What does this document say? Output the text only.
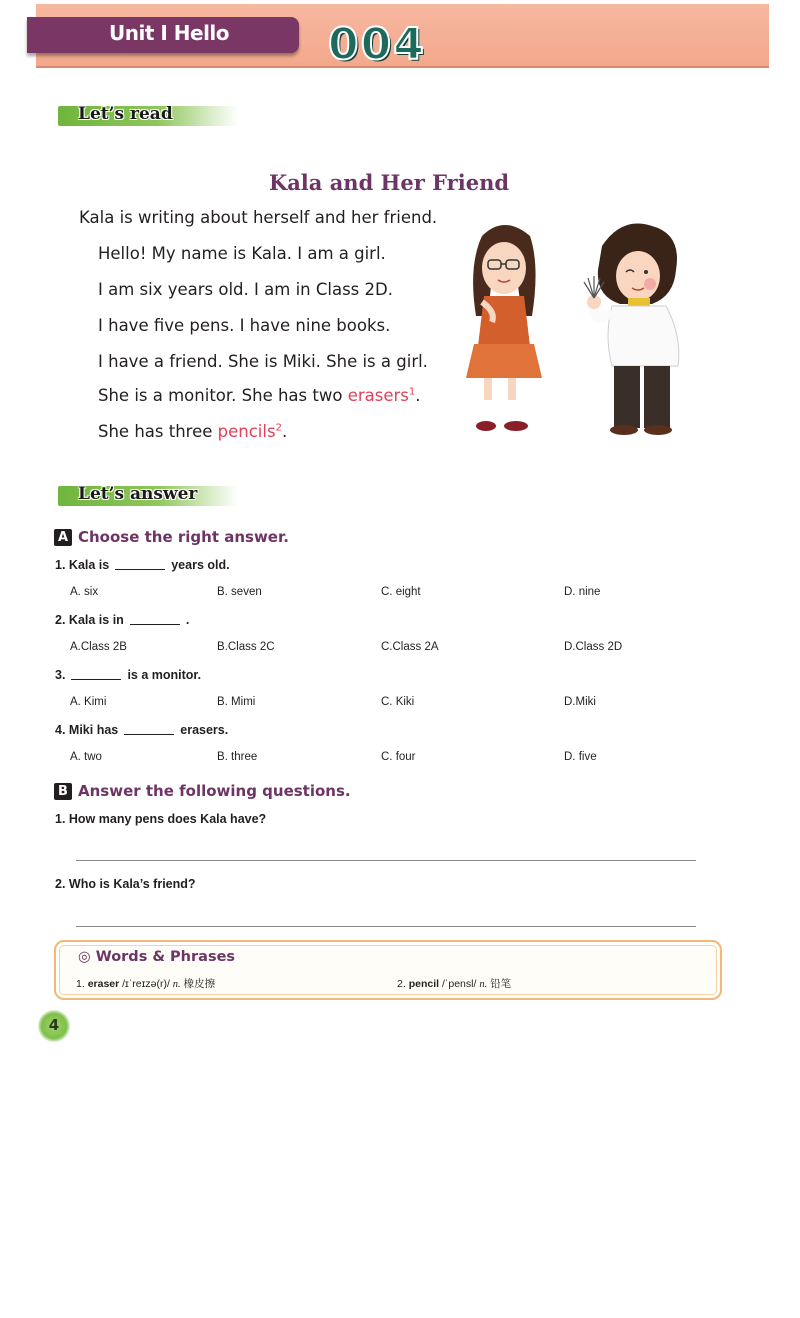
Unit I Hello 004
Let’s read
Kala and Her Friend
Kala is writing about herself and her friend.
Hello! My name is Kala. I am a girl.
I am six years old. I am in Class 2D.
I have five pens. I have nine books.
I have a friend. She is Miki. She is a girl.
She is a monitor. She has two erasers$^1$.
She has three pencils$^2$.
Let’s answer
A Choose the right answer.
1. Kala is	years old.
A. six	B. seven	C. eight	D. nine
2. Kala is in	.
A.Class 2B	B.Class 2C	C.Class 2A	D.Class 2D
3.	is a monitor.
A. Kimi	B. Mimi	C. Kiki	D.Miki
4. Miki has	erasers.
A. two	B. three	C. four	D. five
B Answer the following questions.
1. How many pens does Kala have?
2. Who is Kala’s friend?
◎ Words & Phrases
1. eraser /ɪˈreɪzə(r)/ n. 橡皮擦	2. pencil /ˈpensl/ n. 铅笔
4
